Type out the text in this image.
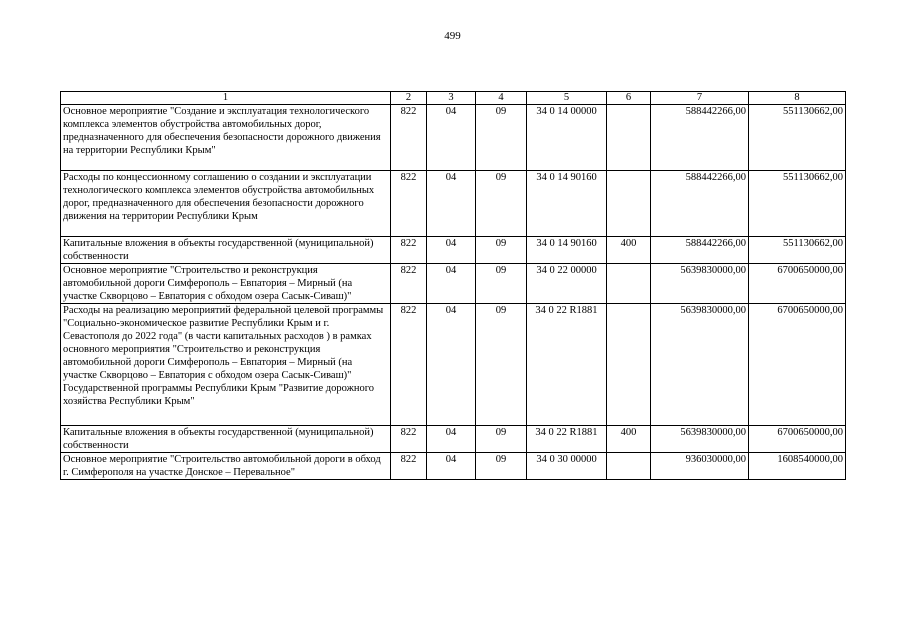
499
1	2	3	4	5	6	7	8
Основное мероприятие "Создание и эксплуатация технологического комплекса элементов обустройства автомобильных дорог, предназначенного для обеспечения безопасности дорожного движения на территории Республики Крым"	822	04	09	34 0 14 00000		588442266,00	551130662,00
Расходы по концессионному соглашению о создании и эксплуатации технологического комплекса элементов обустройства автомобильных дорог, предназначенного для обеспечения безопасности дорожного движения на территории Республики Крым	822	04	09	34 0 14 90160		588442266,00	551130662,00
Капитальные вложения в объекты государственной (муниципальной) собственности	822	04	09	34 0 14 90160	400	588442266,00	551130662,00
Основное мероприятие "Строительство и реконструкция автомобильной дороги Симферополь – Евпатория – Мирный (на участке Скворцово – Евпатория с обходом озера Сасык-Сиваш)"	822	04	09	34 0 22 00000		5639830000,00	6700650000,00
Расходы на реализацию мероприятий федеральной целевой программы "Социально-экономическое развитие Республики Крым и г. Севастополя до 2022 года" (в части капитальных расходов ) в рамках основного мероприятия "Строительство и реконструкция автомобильной дороги Симферополь – Евпатория – Мирный (на участке Скворцово – Евпатория с обходом озера Сасык-Сиваш)" Государственной программы Республики Крым "Развитие дорожного хозяйства Республики Крым"	822	04	09	34 0 22 R1881		5639830000,00	6700650000,00
Капитальные вложения в объекты государственной (муниципальной) собственности	822	04	09	34 0 22 R1881	400	5639830000,00	6700650000,00
Основное мероприятие "Строительство автомобильной дороги в обход г. Симферополя на участке Донское – Перевальное"	822	04	09	34 0 30 00000		936030000,00	1608540000,00
